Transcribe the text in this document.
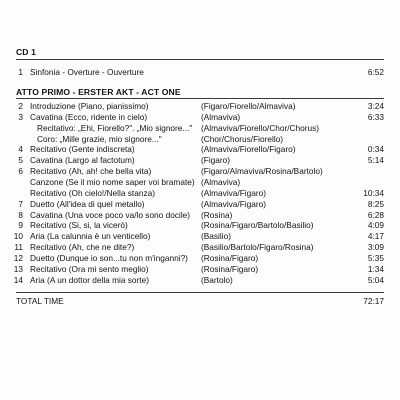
CD 1
1 Sinfonia - Overture - Ouverture	6:52
ATTO PRIMO - ERSTER AKT - ACT ONE
2 Introduzione (Piano, pianissimo)	(Figaro/Fiorello/Almaviva)	3:24
3 Cavatina (Ecco, ridente in cielo)	(Almaviva)	6:33
Recitativo: „Ehi, Fiorello?". „Mio signore..." (Almaviva/Fiorello/Chor/Chorus)
Coro: „Mille grazie, mio signore..."	(Chor/Chorus/Fiorello)
4 Recitativo (Gente indiscreta)	(Almaviva/Fiorello/Figaro)	0:34
5 Cavatina (Largo al factotum)	(Figaro)	5:14
6 Recitativo (Ah, ah! che bella vita)	(Figaro/Almaviva/Rosina/Bartolo)
Canzone (Se il mio nome saper voi bramate) (Almaviva)
Recitativo (Oh cielo!/Nella stanza)	(Almaviva/Figaro)	10:34
7 Duetto (All'idea di quel metallo)	(Almaviva/Figaro)	8:25
8 Cavatina (Una voce poco va/lo sono docile) (Rosina)	6:28
9 Recitativo (Si, si, la vicerò)	(Rosina/Figaro/Bartolo/Basilio)	4:09
10 Aria (La calunnia è un venticello)	(Basilio)	4:17
11 Recitativo (Ah, che ne dite?)	(Basilio/Bartolo/Figaro/Rosina)	3:09
12 Duetto (Dunque io son...tu non m'inganni?) (Rosina/Figaro)	5:35
13 Recitativo (Ora mi sento meglio)	(Rosina/Figaro)	1:34
14 Aria (A un dottor della mia sorte)	(Bartolo)	5:04
TOTAL TIME	72:17
